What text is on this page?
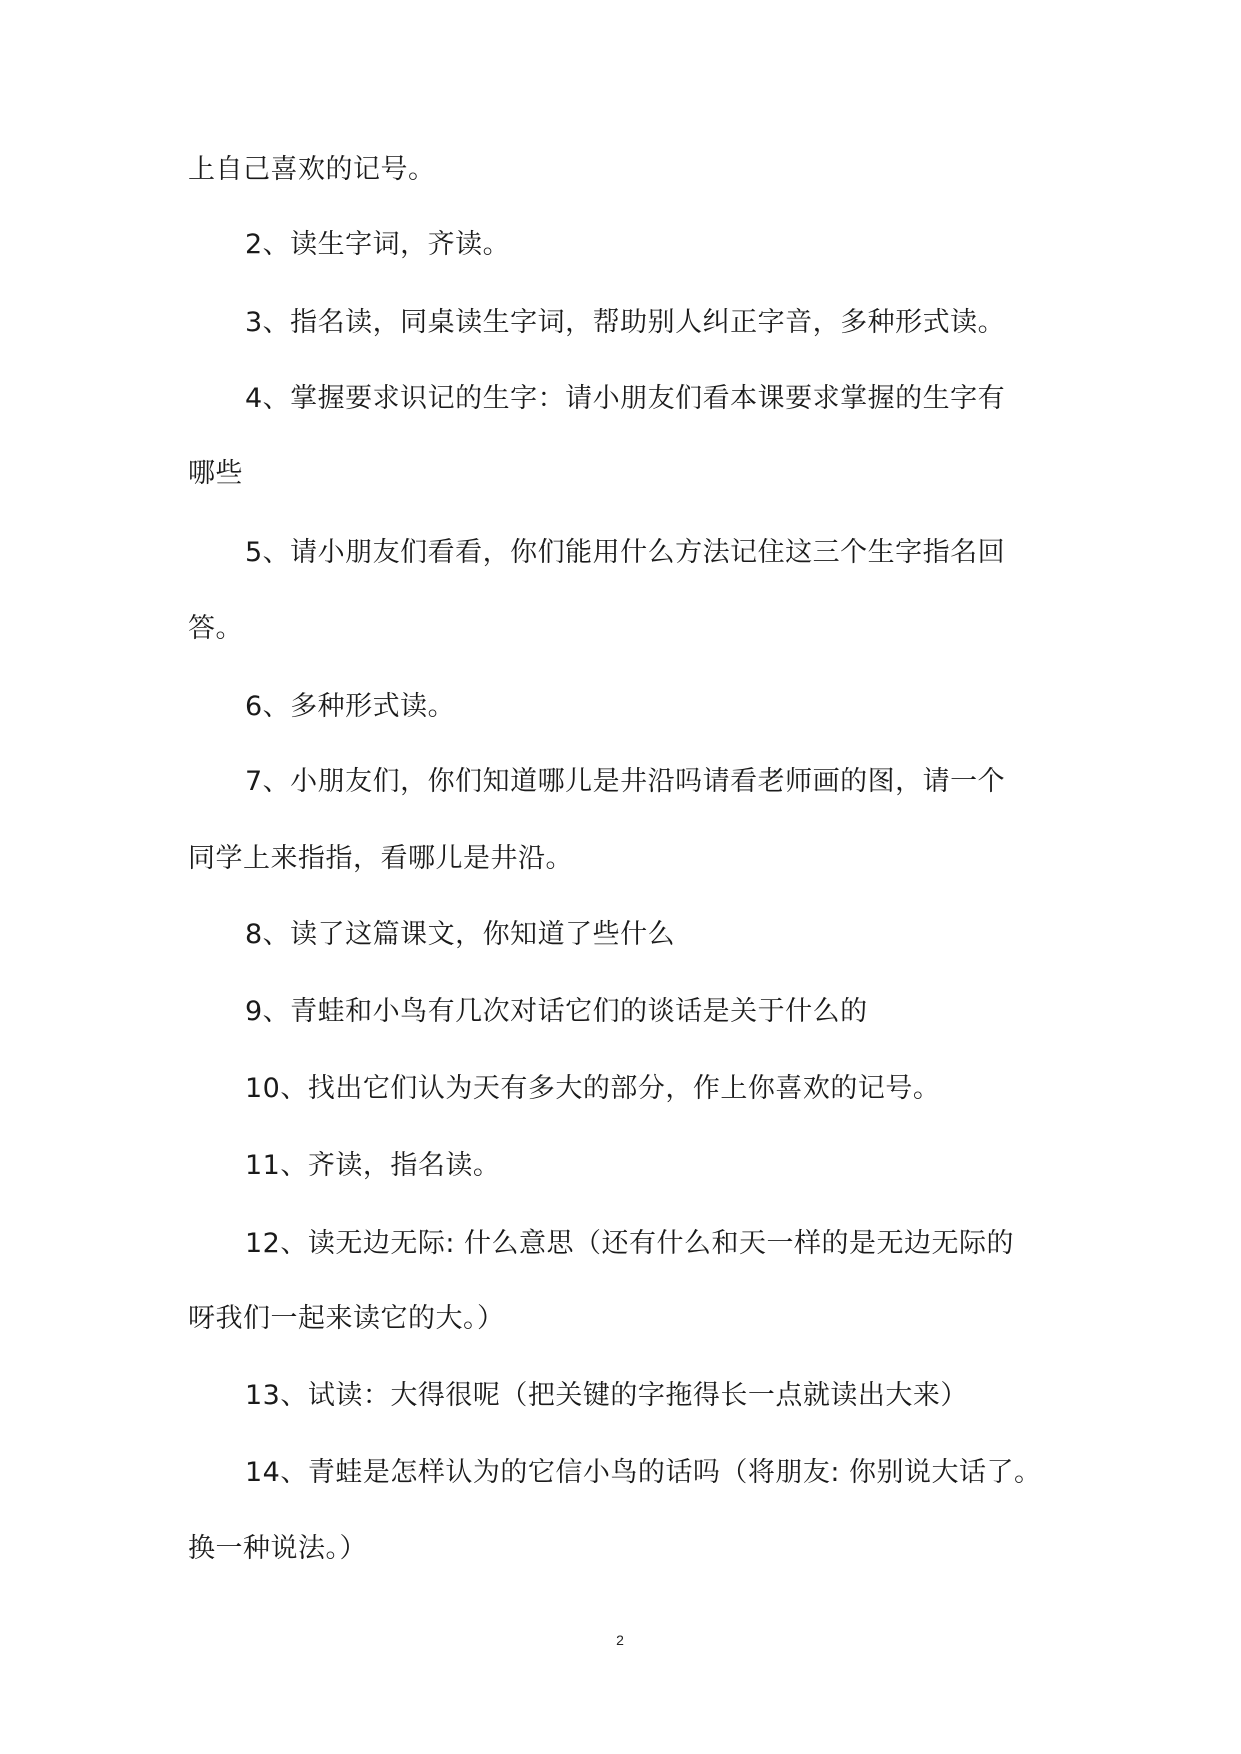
上自己喜欢的记号。
2、读生字词，齐读。
3、指名读，同桌读生字词，帮助别人纠正字音，多种形式读。
4、掌握要求识记的生字：请小朋友们看本课要求掌握的生字有
哪些
5、请小朋友们看看，你们能用什么方法记住这三个生字指名回
答。
6、多种形式读。
7、小朋友们，你们知道哪儿是井沿吗请看老师画的图，请一个
同学上来指指，看哪儿是井沿。
8、读了这篇课文，你知道了些什么
9、青蛙和小鸟有几次对话它们的谈话是关于什么的
10、找出它们认为天有多大的部分，作上你喜欢的记号。
11、齐读，指名读。
12、读无边无际: 什么意思（还有什么和天一样的是无边无际的
呀我们一起来读它的大。）
13、试读：大得很呢（把关键的字拖得长一点就读出大来）
14、青蛙是怎样认为的它信小鸟的话吗（将朋友: 你别说大话了。
换一种说法。）
2
